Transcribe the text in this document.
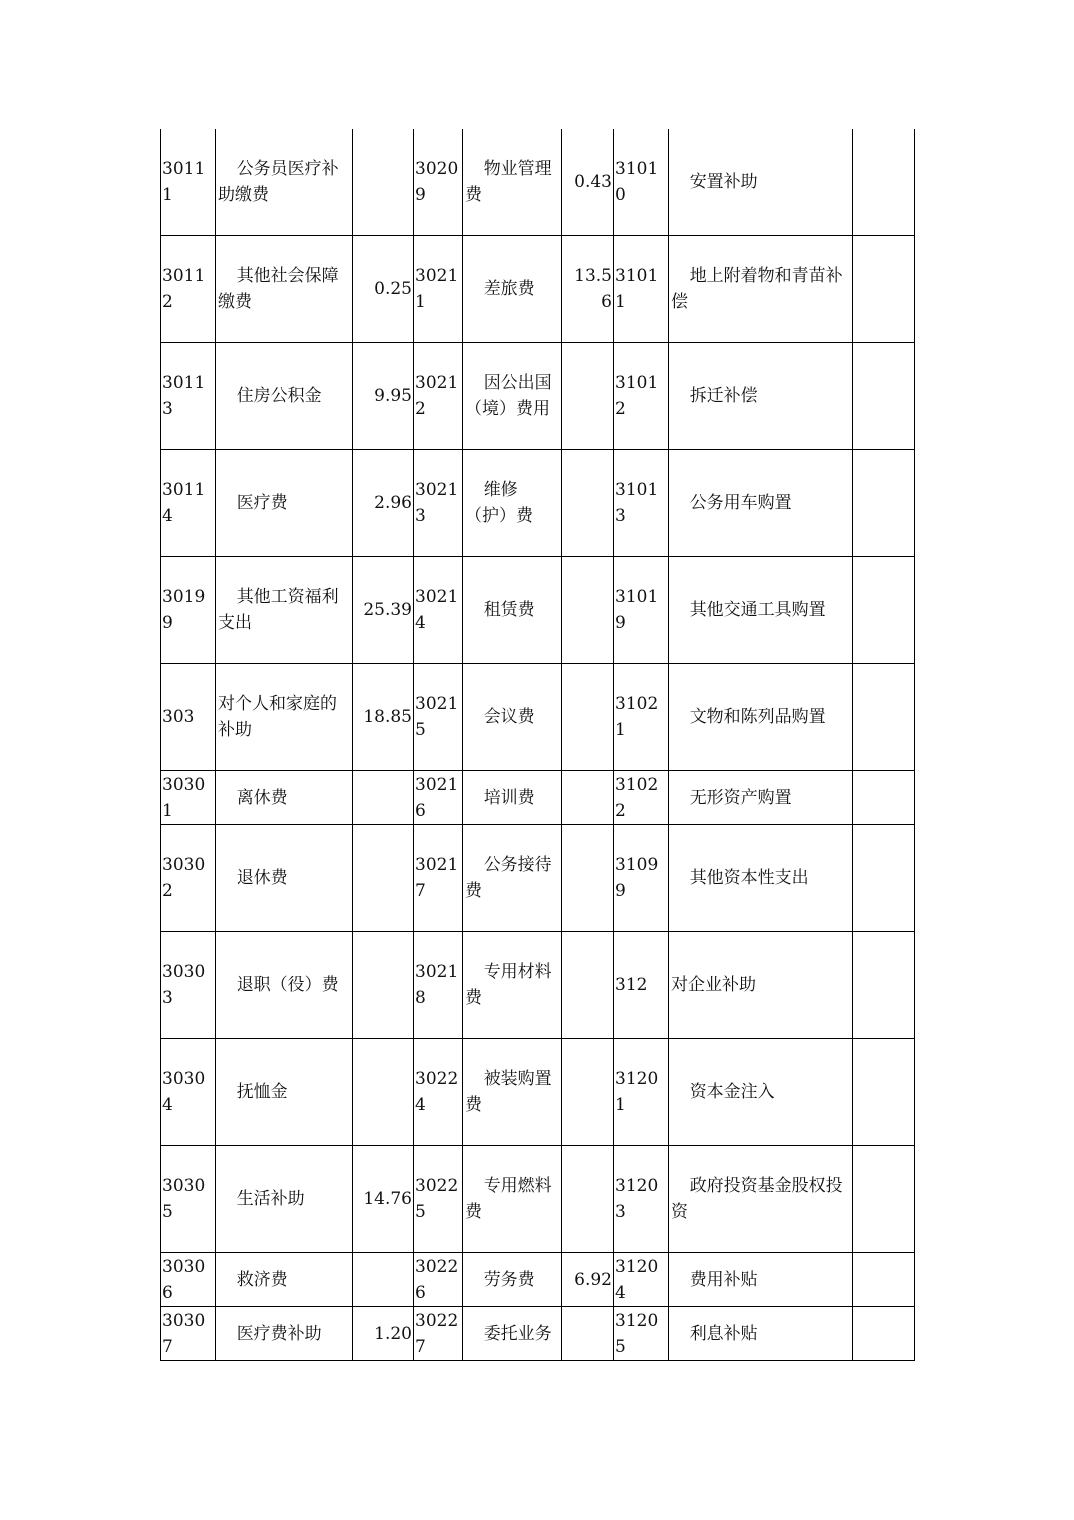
30111	公务员医疗补助缴费		30209	物业管理费	0.43	31010	安置补助	

30112	其他社会保障缴费	0.25	30211	差旅费	13.56	31011	地上附着物和青苗补偿	

30113	住房公积金	9.95	30212	因公出国（境）费用		31012	拆迁补偿	

30114	医疗费	2.96	30213	维修（护）费		31013	公务用车购置	

30199	其他工资福利支出	25.39	30214	租赁费		31019	其他交通工具购置	

303	对个人和家庭的补助	18.85	30215	会议费		31021	文物和陈列品购置	

30301	离休费		30216	培训费		31022	无形资产购置	

30302	退休费		30217	公务接待费		31099	其他资本性支出	

30303	退职（役）费		30218	专用材料费		312	对企业补助	

30304	抚恤金		30224	被装购置费		31201	资本金注入	

30305	生活补助	14.76	30225	专用燃料费		31203	政府投资基金股权投资	

30306	救济费		30226	劳务费	6.92	31204	费用补贴	

30307	医疗费补助	1.20	30227	委托业务		31205	利息补贴	
